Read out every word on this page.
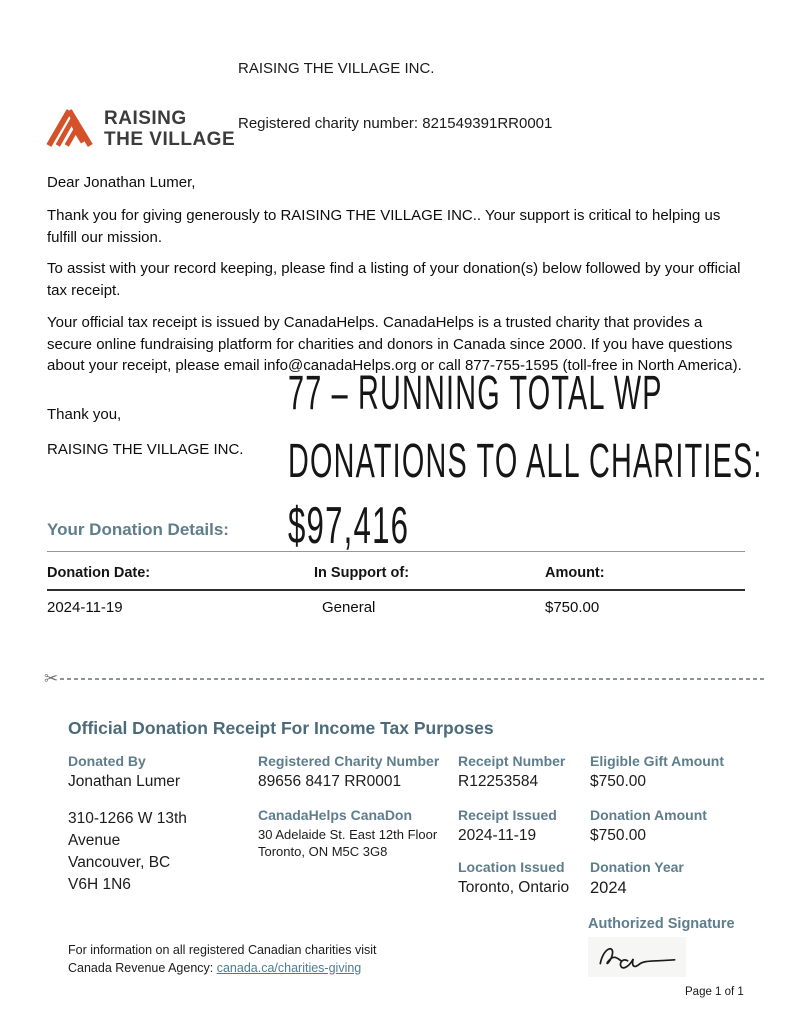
RAISING THE VILLAGE INC.
RAISING
THE VILLAGE
Registered charity number: 821549391RR0001
Dear Jonathan Lumer,
Thank you for giving generously to RAISING THE VILLAGE INC.. Your support is critical to helping us fulfill our mission.
To assist with your record keeping, please find a listing of your donation(s) below followed by your official tax receipt.
Your official tax receipt is issued by CanadaHelps. CanadaHelps is a trusted charity that provides a secure online fundraising platform for charities and donors in Canada since 2000. If you have questions about your receipt, please email info@canadaHelps.org or call 877-755-1595 (toll-free in North America).
Thank you,
RAISING THE VILLAGE INC.
77 – RUNNING TOTAL WP
DONATIONS TO ALL CHARITIES:
$97,416
Your Donation Details:
Donation Date:	In Support of:	Amount:
2024-11-19	General	$750.00
✂
Official Donation Receipt For Income Tax Purposes
Donated By
Jonathan Lumer
310-1266 W 13th
Avenue
Vancouver, BC
V6H 1N6
Registered Charity Number
89656 8417 RR0001
CanadaHelps CanaDon
30 Adelaide St. East 12th Floor
Toronto, ON M5C 3G8
Receipt Number
R12253584
Receipt Issued
2024-11-19
Location Issued
Toronto, Ontario
Eligible Gift Amount
$750.00
Donation Amount
$750.00
Donation Year
2024
Authorized Signature
For information on all registered Canadian charities visit
Canada Revenue Agency: canada.ca/charities-giving
Page 1 of 1
